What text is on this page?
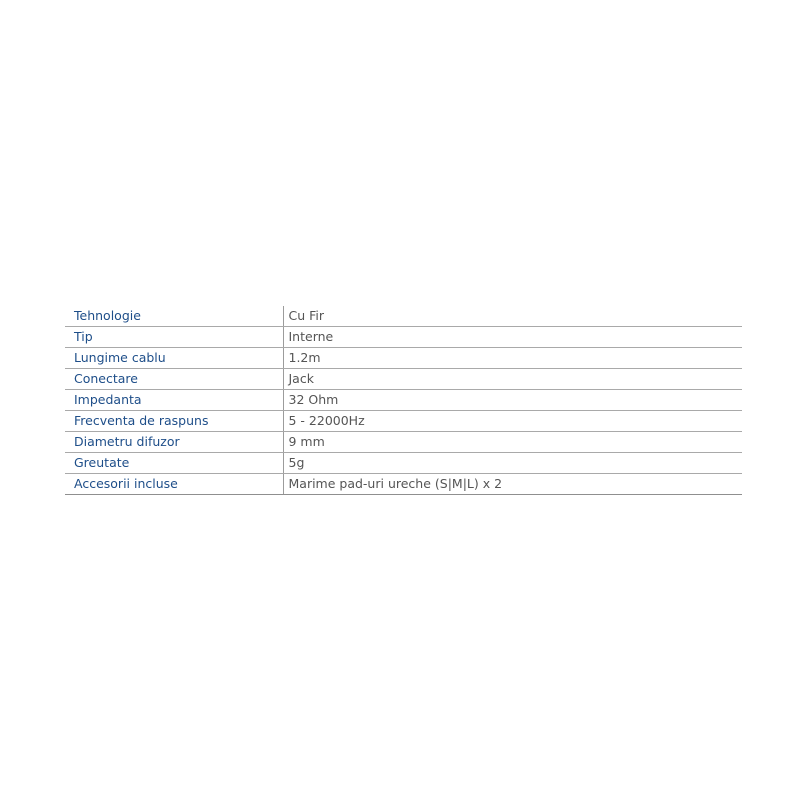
Tehnologie	Cu Fir
Tip	Interne
Lungime cablu	1.2m
Conectare	Jack
Impedanta	32 Ohm
Frecventa de raspuns	5 - 22000Hz
Diametru difuzor	9 mm
Greutate	5g
Accesorii incluse	Marime pad-uri ureche (S|M|L) x 2
